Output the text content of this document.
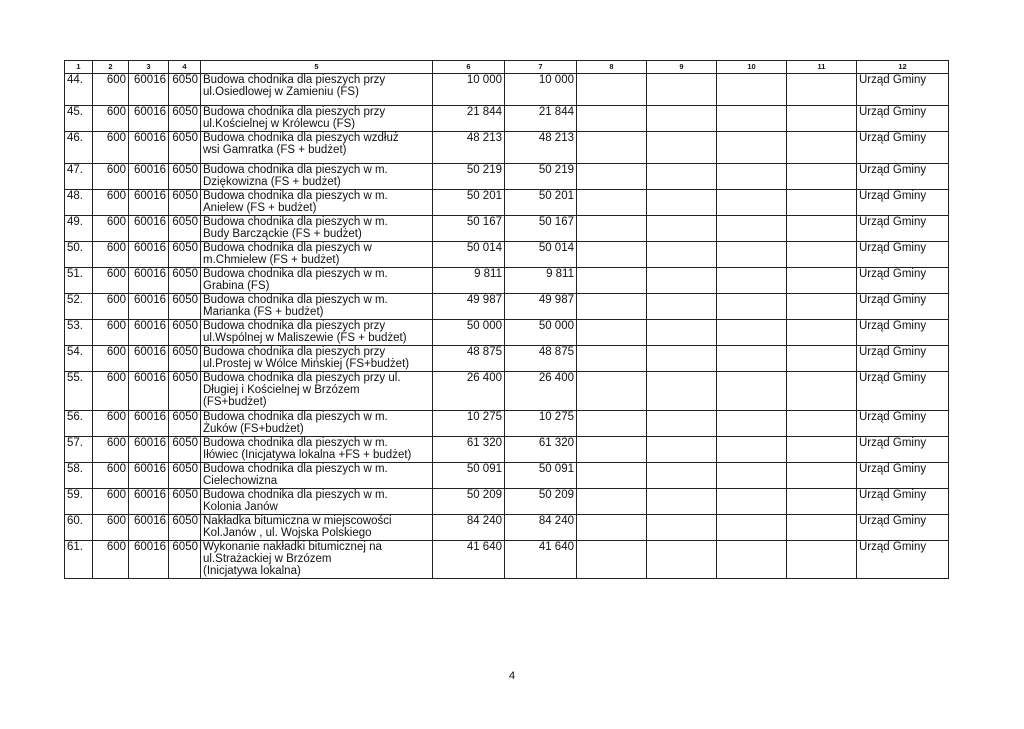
1	2	3	4	5	6	7	8	9	10	11	12
44.	600	60016	6050	Budowa chodnika dla pieszych przy
ul.Osiedlowej w Zamieniu (FS)	10 000	10 000					Urząd Gminy
45.	600	60016	6050	Budowa chodnika dla pieszych przy
ul.Kościelnej w Królewcu (FS)	21 844	21 844					Urząd Gminy
46.	600	60016	6050	Budowa chodnika dla pieszych wzdłuż
wsi Gamratka (FS + budżet)	48 213	48 213					Urząd Gminy
47.	600	60016	6050	Budowa chodnika dla pieszych w m.
Dziękowizna (FS + budżet)	50 219	50 219					Urząd Gminy
48.	600	60016	6050	Budowa chodnika dla pieszych w m.
Anielew (FS + budżet)	50 201	50 201					Urząd Gminy
49.	600	60016	6050	Budowa chodnika dla pieszych w m.
Budy Barcząckie (FS + budżet)	50 167	50 167					Urząd Gminy
50.	600	60016	6050	Budowa chodnika dla pieszych w
m.Chmielew (FS + budżet)	50 014	50 014					Urząd Gminy
51.	600	60016	6050	Budowa chodnika dla pieszych w m.
Grabina (FS)	9 811	9 811					Urząd Gminy
52.	600	60016	6050	Budowa chodnika dla pieszych w m.
Marianka (FS + budżet)	49 987	49 987					Urząd Gminy
53.	600	60016	6050	Budowa chodnika dla pieszych przy
ul.Wspólnej w Maliszewie (FS + budżet)	50 000	50 000					Urząd Gminy
54.	600	60016	6050	Budowa chodnika dla pieszych przy
ul.Prostej w Wólce Mińskiej (FS+budżet)	48 875	48 875					Urząd Gminy
55.	600	60016	6050	Budowa chodnika dla pieszych przy ul.
Długiej i Kościelnej w Brzózem
(FS+budżet)	26 400	26 400					Urząd Gminy
56.	600	60016	6050	Budowa chodnika dla pieszych w m.
Żuków (FS+budżet)	10 275	10 275					Urząd Gminy
57.	600	60016	6050	Budowa chodnika dla pieszych w m.
Iłówiec (Inicjatywa lokalna +FS + budżet)	61 320	61 320					Urząd Gminy
58.	600	60016	6050	Budowa chodnika dla pieszych w m.
Cielechowizna	50 091	50 091					Urząd Gminy
59.	600	60016	6050	Budowa chodnika dla pieszych w m.
Kolonia Janów	50 209	50 209					Urząd Gminy
60.	600	60016	6050	Nakładka bitumiczna w miejscowości
Kol.Janów , ul. Wojska Polskiego	84 240	84 240					Urząd Gminy
61.	600	60016	6050	Wykonanie nakładki bitumicznej na
ul.Strażackiej w Brzózem
(Inicjatywa lokalna)	41 640	41 640					Urząd Gminy
4
